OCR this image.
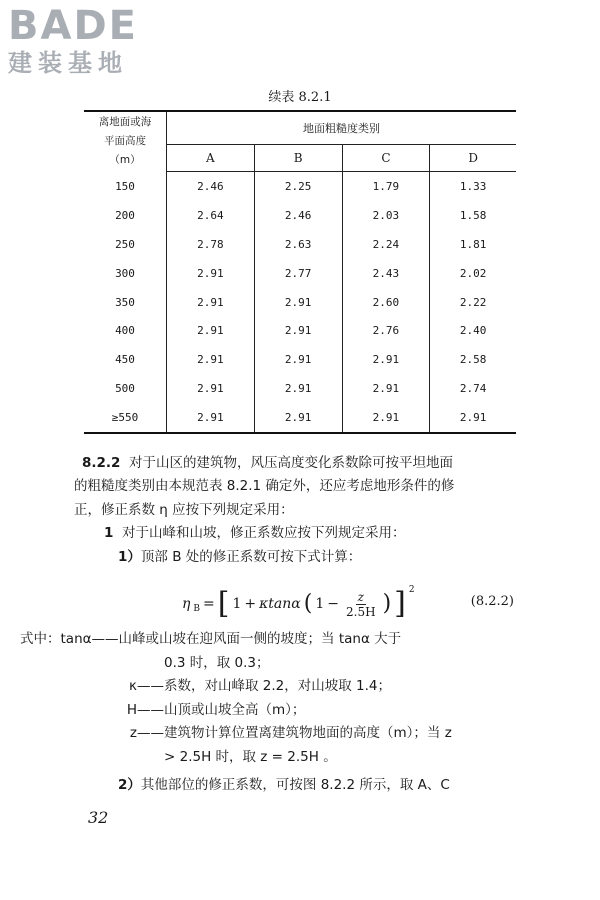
BADE
建装基地
续表 8.2.1
离地面或海
平面高度
（m）	地面粗糙度类别			
	A	B	C	D
150	2.46	2.25	1.79	1.33
200	2.64	2.46	2.03	1.58
250	2.78	2.63	2.24	1.81
300	2.91	2.77	2.43	2.02
350	2.91	2.91	2.60	2.22
400	2.91	2.91	2.76	2.40
450	2.91	2.91	2.91	2.58
500	2.91	2.91	2.91	2.74
≥550	2.91	2.91	2.91	2.91
8.2.2 对于山区的建筑物，风压高度变化系数除可按平坦地面
的粗糙度类别由本规范表 8.2.1 确定外，还应考虑地形条件的修
正，修正系数 η 应按下列规定采用：
1 对于山峰和山坡，修正系数应按下列规定采用：
1）顶部 B 处的修正系数可按下式计算：
η B = [ 1 + κtanα ( $1 - \frac{z}{2.5H}$ ) ] 2
(8.2.2)
式中：tanα—— 山峰或山坡在迎风面一侧的坡度；当 tanα 大于
0.3 时，取 0.3；
κ—— 系数，对山峰取 2.2，对山坡取 1.4；
H—— 山顶或山坡全高（m）；
z—— 建筑物计算位置离建筑物地面的高度（m）；当 z
> 2.5H 时，取 z = 2.5H 。
2）其他部位的修正系数，可按图 8.2.2 所示，取 A、C
32
